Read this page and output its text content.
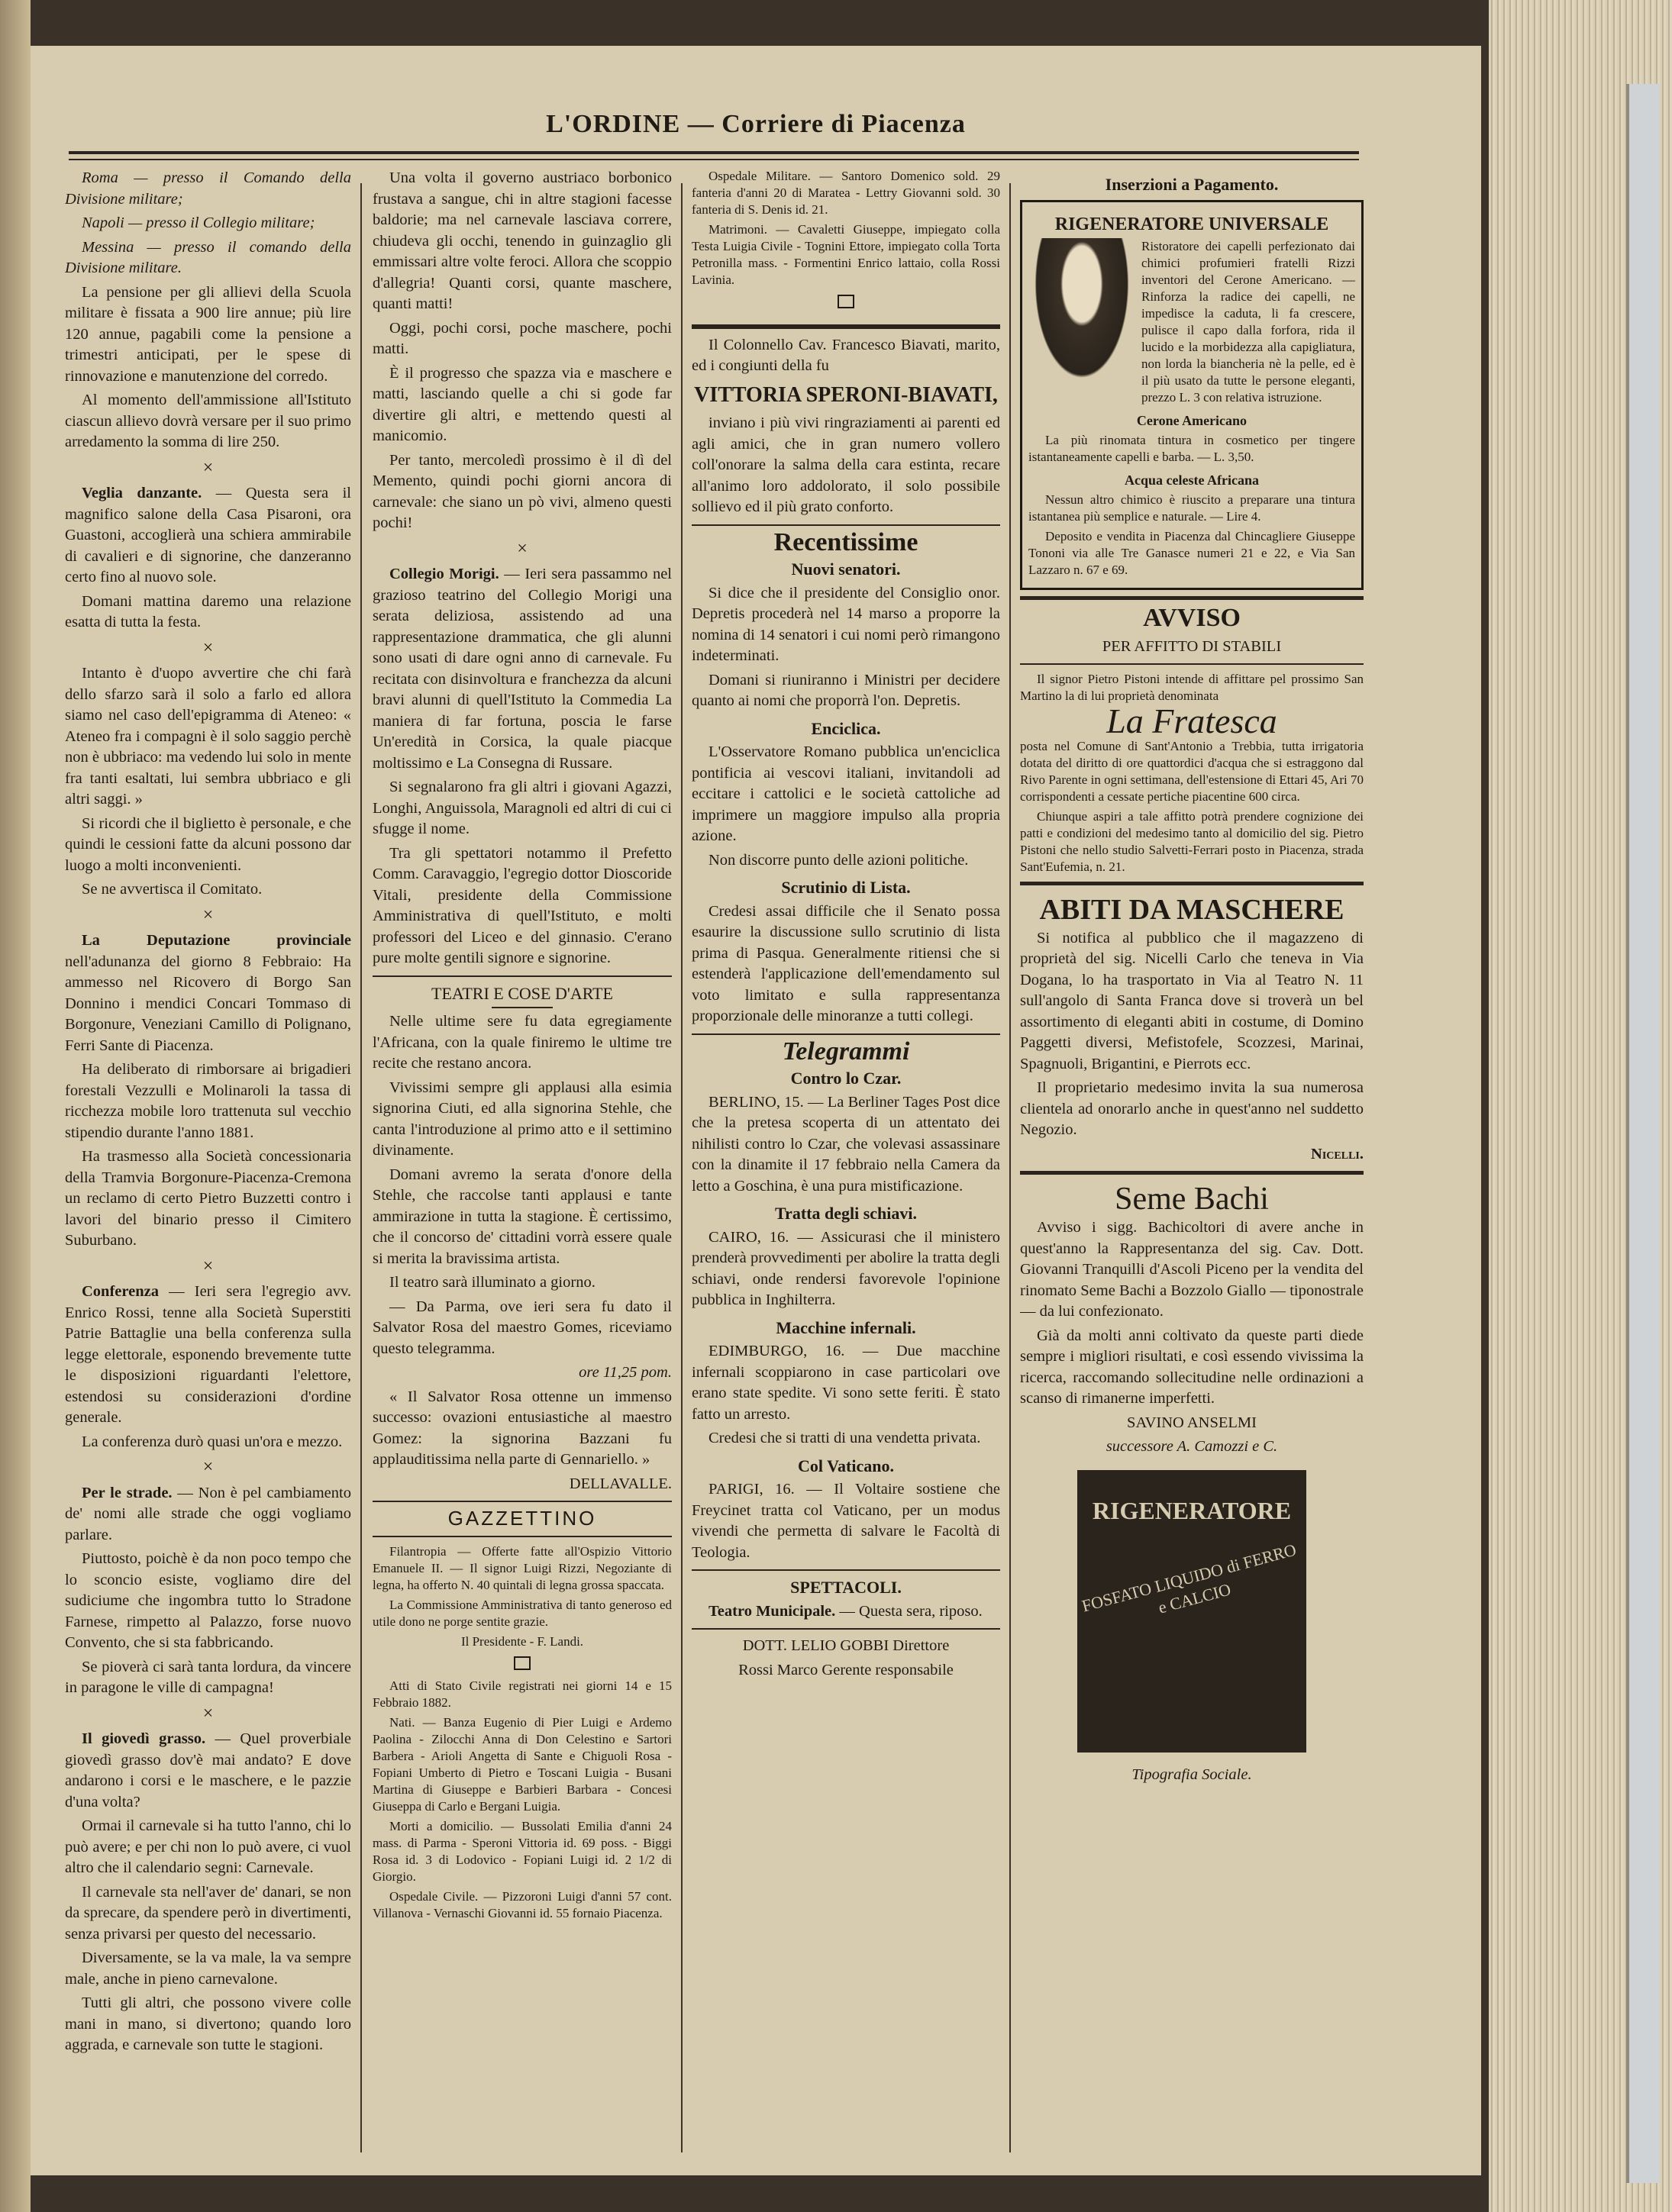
L'ORDINE — Corriere di Piacenza

Roma — presso il Comando della Divisione militare;

Napoli — presso il Collegio militare;

Messina — presso il comando della Divisione militare.

La pensione per gli allievi della Scuola militare è fissata a 900 lire annue; più lire 120 annue, pagabili come la pensione a trimestri anticipati, per le spese di rinnovazione e manutenzione del corredo.

Al momento dell'ammissione all'Istituto ciascun allievo dovrà versare per il suo primo arredamento la somma di lire 250.

×

Veglia danzante. — Questa sera il magnifico salone della Casa Pisaroni, ora Guastoni, accoglierà una schiera ammirabile di cavalieri e di signorine, che danzeranno certo fino al nuovo sole.

Domani mattina daremo una relazione esatta di tutta la festa.

×

Intanto è d'uopo avvertire che chi farà dello sfarzo sarà il solo a farlo ed allora siamo nel caso dell'epigramma di Ateneo: « Ateneo fra i compagni è il solo saggio perchè non è ubbriaco: ma vedendo lui solo in mente fra tanti esaltati, lui sembra ubbriaco e gli altri saggi. »

Si ricordi che il biglietto è personale, e che quindi le cessioni fatte da alcuni possono dar luogo a molti inconvenienti.

Se ne avvertisca il Comitato.

×

La Deputazione provinciale nell'adunanza del giorno 8 Febbraio: Ha ammesso nel Ricovero di Borgo San Donnino i mendici Concari Tommaso di Borgonure, Veneziani Camillo di Polignano, Ferri Sante di Piacenza.

Ha deliberato di rimborsare ai brigadieri forestali Vezzulli e Molinaroli la tassa di ricchezza mobile loro trattenuta sul vecchio stipendio durante l'anno 1881.

Ha trasmesso alla Società concessionaria della Tramvia Borgonure-Piacenza-Cremona un reclamo di certo Pietro Buzzetti contro i lavori del binario presso il Cimitero Suburbano.

×

Conferenza — Ieri sera l'egregio avv. Enrico Rossi, tenne alla Società Superstiti Patrie Battaglie una bella conferenza sulla legge elettorale, esponendo brevemente tutte le disposizioni riguardanti l'elettore, estendosi su considerazioni d'ordine generale.

La conferenza durò quasi un'ora e mezzo.

×

Per le strade. — Non è pel cambiamento de' nomi alle strade che oggi vogliamo parlare.

Piuttosto, poichè è da non poco tempo che lo sconcio esiste, vogliamo dire del sudiciume che ingombra tutto lo Stradone Farnese, rimpetto al Palazzo, forse nuovo Convento, che si sta fabbricando.

Se pioverà ci sarà tanta lordura, da vincere in paragone le ville di campagna!

×

Il giovedì grasso. — Quel proverbiale giovedì grasso dov'è mai andato? E dove andarono i corsi e le maschere, e le pazzie d'una volta?

Ormai il carnevale si ha tutto l'anno, chi lo può avere; e per chi non lo può avere, ci vuol altro che il calendario segni: Carnevale.

Il carnevale sta nell'aver de' danari, se non da sprecare, da spendere però in divertimenti, senza privarsi per questo del necessario.

Diversamente, se la va male, la va sempre male, anche in pieno carnevalone.

Tutti gli altri, che possono vivere colle mani in mano, si divertono; quando loro aggrada, e carnevale son tutte le stagioni.

Una volta il governo austriaco borbonico frustava a sangue, chi in altre stagioni facesse baldorie; ma nel carnevale lasciava correre, chiudeva gli occhi, tenendo in guinzaglio gli emmissari altre volte feroci. Allora che scoppio d'allegria! Quanti corsi, quante maschere, quanti matti!

Oggi, pochi corsi, poche maschere, pochi matti.

È il progresso che spazza via e maschere e matti, lasciando quelle a chi si gode far divertire gli altri, e mettendo questi al manicomio.

Per tanto, mercoledì prossimo è il dì del Memento, quindi pochi giorni ancora di carnevale: che siano un pò vivi, almeno questi pochi!

×

Collegio Morigi. — Ieri sera passammo nel grazioso teatrino del Collegio Morigi una serata deliziosa, assistendo ad una rappresentazione drammatica, che gli alunni sono usati di dare ogni anno di carnevale. Fu recitata con disinvoltura e franchezza da alcuni bravi alunni di quell'Istituto la Commedia La maniera di far fortuna, poscia le farse Un'eredità in Corsica, la quale piacque moltissimo e La Consegna di Russare.

Si segnalarono fra gli altri i giovani Agazzi, Longhi, Anguissola, Maragnoli ed altri di cui ci sfugge il nome.

Tra gli spettatori notammo il Prefetto Comm. Caravaggio, l'egregio dottor Dioscoride Vitali, presidente della Commissione Amministrativa di quell'Istituto, e molti professori del Liceo e del ginnasio. C'erano pure molte gentili signore e signorine.

TEATRI E COSE D'ARTE

Nelle ultime sere fu data egregiamente l'Africana, con la quale finiremo le ultime tre recite che restano ancora.

Vivissimi sempre gli applausi alla esimia signorina Ciuti, ed alla signorina Stehle, che canta l'introduzione al primo atto e il settimino divinamente.

Domani avremo la serata d'onore della Stehle, che raccolse tanti applausi e tante ammirazione in tutta la stagione. È certissimo, che il concorso de' cittadini vorrà essere quale si merita la bravissima artista.

Il teatro sarà illuminato a giorno.

— Da Parma, ove ieri sera fu dato il Salvator Rosa del maestro Gomes, riceviamo questo telegramma.

ore 11,25 pom.

« Il Salvator Rosa ottenne un immenso successo: ovazioni entusiastiche al maestro Gomez: la signorina Bazzani fu applauditissima nella parte di Gennariello. »

DELLAVALLE.

GAZZETTINO

Filantropia — Offerte fatte all'Ospizio Vittorio Emanuele II. — Il signor Luigi Rizzi, Negoziante di legna, ha offerto N. 40 quintali di legna grossa spaccata.

La Commissione Amministrativa di tanto generoso ed utile dono ne porge sentite grazie.

Il Presidente - F. Landi.

Atti di Stato Civile registrati nei giorni 14 e 15 Febbraio 1882.

Nati. — Banza Eugenio di Pier Luigi e Ardemo Paolina - Zilocchi Anna di Don Celestino e Sartori Barbera - Arioli Angetta di Sante e Chiguoli Rosa - Fopiani Umberto di Pietro e Toscani Luigia - Busani Martina di Giuseppe e Barbieri Barbara - Concesi Giuseppa di Carlo e Bergani Luigia.

Morti a domicilio. — Bussolati Emilia d'anni 24 mass. di Parma - Speroni Vittoria id. 69 poss. - Biggi Rosa id. 3 di Lodovico - Fopiani Luigi id. 2 1/2 di Giorgio.

Ospedale Civile. — Pizzoroni Luigi d'anni 57 cont. Villanova - Vernaschi Giovanni id. 55 fornaio Piacenza.

Ospedale Militare. — Santoro Domenico sold. 29 fanteria d'anni 20 di Maratea - Lettry Giovanni sold. 30 fanteria di S. Denis id. 21.

Matrimoni. — Cavaletti Giuseppe, impiegato colla Testa Luigia Civile - Tognini Ettore, impiegato colla Torta Petronilla mass. - Formentini Enrico lattaio, colla Rossi Lavinia.

Il Colonnello Cav. Francesco Biavati, marito, ed i congiunti della fu

VITTORIA SPERONI-BIAVATI,

inviano i più vivi ringraziamenti ai parenti ed agli amici, che in gran numero vollero coll'onorare la salma della cara estinta, recare all'animo loro addolorato, il solo possibile sollievo ed il più grato conforto.

Recentissime
Nuovi senatori.

Si dice che il presidente del Consiglio onor. Depretis procederà nel 14 marso a proporre la nomina di 14 senatori i cui nomi però rimangono indeterminati.

Domani si riuniranno i Ministri per decidere quanto ai nomi che proporrà l'on. Depretis.

Enciclica.

L'Osservatore Romano pubblica un'enciclica pontificia ai vescovi italiani, invitandoli ad eccitare i cattolici e le società cattoliche ad imprimere un maggiore impulso alla propria azione.

Non discorre punto delle azioni politiche.

Scrutinio di Lista.

Credesi assai difficile che il Senato possa esaurire la discussione sullo scrutinio di lista prima di Pasqua. Generalmente ritiensi che si estenderà l'applicazione dell'emendamento sul voto limitato e sulla rappresentanza proporzionale delle minoranze a tutti collegi.

Telegrammi
Contro lo Czar.

BERLINO, 15. — La Berliner Tages Post dice che la pretesa scoperta di un attentato dei nihilisti contro lo Czar, che volevasi assassinare con la dinamite il 17 febbraio nella Camera da letto a Goschina, è una pura mistificazione.

Tratta degli schiavi.

CAIRO, 16. — Assicurasi che il ministero prenderà provvedimenti per abolire la tratta degli schiavi, onde rendersi favorevole l'opinione pubblica in Inghilterra.

Macchine infernali.

EDIMBURGO, 16. — Due macchine infernali scoppiarono in case particolari ove erano state spedite. Vi sono sette feriti. È stato fatto un arresto.

Credesi che si tratti di una vendetta privata.

Col Vaticano.

PARIGI, 16. — Il Voltaire sostiene che Freycinet tratta col Vaticano, per un modus vivendi che permetta di salvare le Facoltà di Teologia.

SPETTACOLI.

Teatro Municipale. — Questa sera, riposo.

DOTT. LELIO GOBBI Direttore

Rossi Marco Gerente responsabile

Inserzioni a Pagamento.
RIGENERATORE UNIVERSALE

Ristoratore dei capelli perfezionato dai chimici profumieri fratelli Rizzi inventori del Cerone Americano. — Rinforza la radice dei capelli, ne impedisce la caduta, li fa crescere, pulisce il capo dalla forfora, rida il lucido e la morbidezza alla capigliatura, non lorda la biancheria nè la pelle, ed è il più usato da tutte le persone eleganti, prezzo L. 3 con relativa istruzione.

Cerone Americano

La più rinomata tintura in cosmetico per tingere istantaneamente capelli e barba. — L. 3,50.

Acqua celeste Africana

Nessun altro chimico è riuscito a preparare una tintura istantanea più semplice e naturale. — Lire 4.

Deposito e vendita in Piacenza dal Chincagliere Giuseppe Tononi via alle Tre Ganasce numeri 21 e 22, e Via San Lazzaro n. 67 e 69.

AVVISO
PER AFFITTO DI STABILI

Il signor Pietro Pistoni intende di affittare pel prossimo San Martino la di lui proprietà denominata

La Fratesca

posta nel Comune di Sant'Antonio a Trebbia, tutta irrigatoria dotata del diritto di ore quattordici d'acqua che si estraggono dal Rivo Parente in ogni settimana, dell'estensione di Ettari 45, Ari 70 corrispondenti a cessate pertiche piacentine 600 circa.

Chiunque aspiri a tale affitto potrà prendere cognizione dei patti e condizioni del medesimo tanto al domicilio del sig. Pietro Pistoni che nello studio Salvetti-Ferrari posto in Piacenza, strada Sant'Eufemia, n. 21.

ABITI DA MASCHERE

Si notifica al pubblico che il magazzeno di proprietà del sig. Nicelli Carlo che teneva in Via Dogana, lo ha trasportato in Via al Teatro N. 11 sull'angolo di Santa Franca dove si troverà un bel assortimento di eleganti abiti in costume, di Domino Paggetti diversi, Mefistofele, Scozzesi, Marinai, Spagnuoli, Brigantini, e Pierrots ecc.

Il proprietario medesimo invita la sua numerosa clientela ad onorarlo anche in quest'anno nel suddetto Negozio.

Nicelli.

Seme Bachi

Avviso i sigg. Bachicoltori di avere anche in quest'anno la Rappresentanza del sig. Cav. Dott. Giovanni Tranquilli d'Ascoli Piceno per la vendita del rinomato Seme Bachi a Bozzolo Giallo — tiponostrale — da lui confezionato.

Già da molti anni coltivato da queste parti diede sempre i migliori risultati, e così essendo vivissima la ricerca, raccomando sollecitudine nelle ordinazioni a scanso di rimanerne imperfetti.

SAVINO ANSELMI

successore A. Camozzi e C.

RIGENERATORE
FOSFATO LIQUIDO di FERRO e CALCIO

Tipografia Sociale.
